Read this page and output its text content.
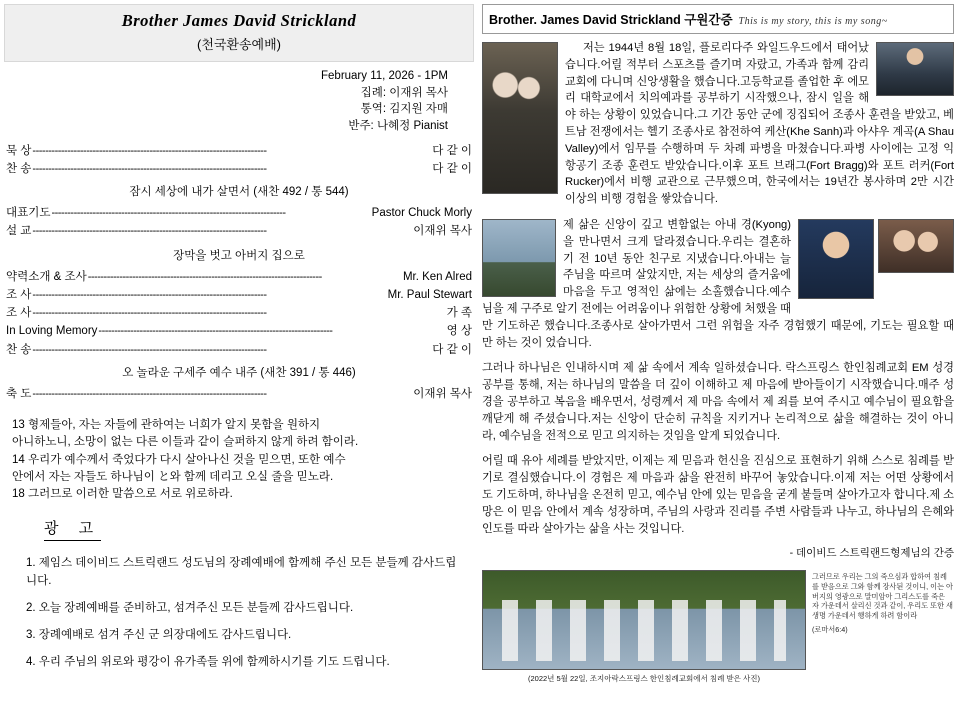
Brother James David Strickland
(천국환송예배)
February 11, 2026 - 1PM
집례: 이재위 목사
통역: 김지원 자매
반주: 나혜정 Pianist
묵 상 --------------------------------------------------------------------------	다 같 이
찬 송 --------------------------------------------------------------------------	다 같 이
잠시 세상에 내가 살면서 (새찬 492 / 통 544)
대표기도 --------------------------------------------------------------------------	Pastor Chuck Morly
설 교 --------------------------------------------------------------------------	이재위 목사
장막을 벗고 아버지 집으로
약력소개 & 조사 --------------------------------------------------------------------------	Mr. Ken Alred
조 사 --------------------------------------------------------------------------	Mr. Paul Stewart
조 사 --------------------------------------------------------------------------	가 족
In Loving Memory --------------------------------------------------------------------------	영 상
찬 송 --------------------------------------------------------------------------	다 같 이
오 놀라운 구세주 예수 내주 (새찬 391 / 통 446)
축 도 --------------------------------------------------------------------------	이재위 목사
13 형제들아, 자는 자들에 관하여는 너희가 알지 못함을 원하지
아니하노니, 소망이 없는 다른 이들과 같이 슬퍼하지 않게 하려 함이라.
14 우리가 예수께서 죽었다가 다시 살아나신 것을 믿으면, 또한 예수
안에서 자는 자들도 하나님이 と와 함께 데리고 오실 줄을 믿노라.
18 그러므로 이러한 말씀으로 서로 위로하라.
광 고
1. 제임스 데이비드 스트릭랜드 성도님의 장례예배에 함께해 주신 모든 분들께 감사드립니다.
2. 오늘 장례예배를 준비하고, 섬겨주신 모든 분들께 감사드립니다.
3. 장례예배로 섬겨 주신 군 의장대에도 감사드립니다.
4. 우리 주님의 위로와 평강이 유가족들 위에 함께하시기를 기도 드립니다.
Brother. James David Strickland 구원간증 This is my story, this is my song~

저는 1944년 8월 18일, 플로리다주 와일드우드에서 태어났습니다.어릴 적부터 스포츠를 즐기며 자랐고, 가족과 함께 감리교회에 다니며 신앙생활을 했습니다.고등학교를 졸업한 후 에모리 대학교에서 치의예과를 공부하기 시작했으나, 잠시 일을 해야 하는 상황이 있었습니다.그 기간 동안 군에 징집되어 조종사 훈련을 받았고, 베트남 전쟁에서는 헬기 조종사로 참전하여 케산(Khe Sanh)과 아샤우 계곡(A Shau Valley)에서 임무를 수행하며 두 차례 파병을 마쳤습니다.파병 사이에는 고정 익 항공기 조종 훈련도 받았습니다.이후 포트 브래그(Fort Bragg)와 포트 러커(Fort Rucker)에서 비행 교관으로 근무했으며, 한국에서는 19년간 봉사하며 2만 시간 이상의 비행 경험을 쌓았습니다.

제 삶은 신앙이 깊고 변함없는 아내 경(Kyong)을 만나면서 크게 달라졌습니다.우리는 결혼하기 전 10년 동안 친구로 지냈습니다.아내는 늘 주님을 따르며 살았지만, 저는 세상의 즐거움에 마음을 두고 영적인 삶에는 소홀했습니다.예수님을 제 구주로 알기 전에는 어려움이나 위험한 상황에 처했을 때만 기도하곤 했습니다.조종사로 살아가면서 그런 위험을 자주 경험했기 때문에, 기도는 필요할 때만 하는 것이 었습니다.

그러나 하나님은 인내하시며 제 삶 속에서 계속 일하셨습니다. 락스프링스 한인침례교회 EM 성경공부를 통해, 저는 하나님의 말씀을 더 깊이 이해하고 제 마음에 받아들이기 시작했습니다.매주 성경을 공부하고 복음을 배우면서, 성령께서 제 마음 속에서 제 죄를 보여 주시고 예수님이 필요함을 깨닫게 해 주셨습니다.저는 신앙이 단순히 규칙을 지키거나 논리적으로 삶을 해결하는 것이 아니라, 예수님을 전적으로 믿고 의지하는 것임을 알게 되었습니다.

어릴 때 유아 세례를 받았지만, 이제는 제 믿음과 헌신을 진심으로 표현하기 위해 스스로 침례를 받기로 결심했습니다.이 경험은 제 마음과 삶을 완전히 바꾸어 놓았습니다.이제 저는 어떤 상황에서도 기도하며, 하나님을 온전히 믿고, 예수님 안에 있는 믿음을 굳게 붙들며 살아가고자 합니다.제 소망은 이 믿음 안에서 계속 성장하며, 주님의 사랑과 진리를 주변 사람들과 나누고, 하나님의 은혜와 인도를 따라 살아가는 삶을 사는 것입니다.

- 데이비드 스트릭랜드형제님의 간증
(2022년 5월 22일, 조지아락스프링스 한인침례교회에서 침례 받은 사진)
그러므로 우리는 그의 죽으심과 합하여 침례를 받음으로 그와 함께 장사된 것이니, 이는 아버지의 영광으로 말미암아 그리스도를 죽은 자 가운데서 살리신 것과 같이, 우리도 또한 새 생명 가운데서 행하게 하려 함이라
(로마서6:4)
